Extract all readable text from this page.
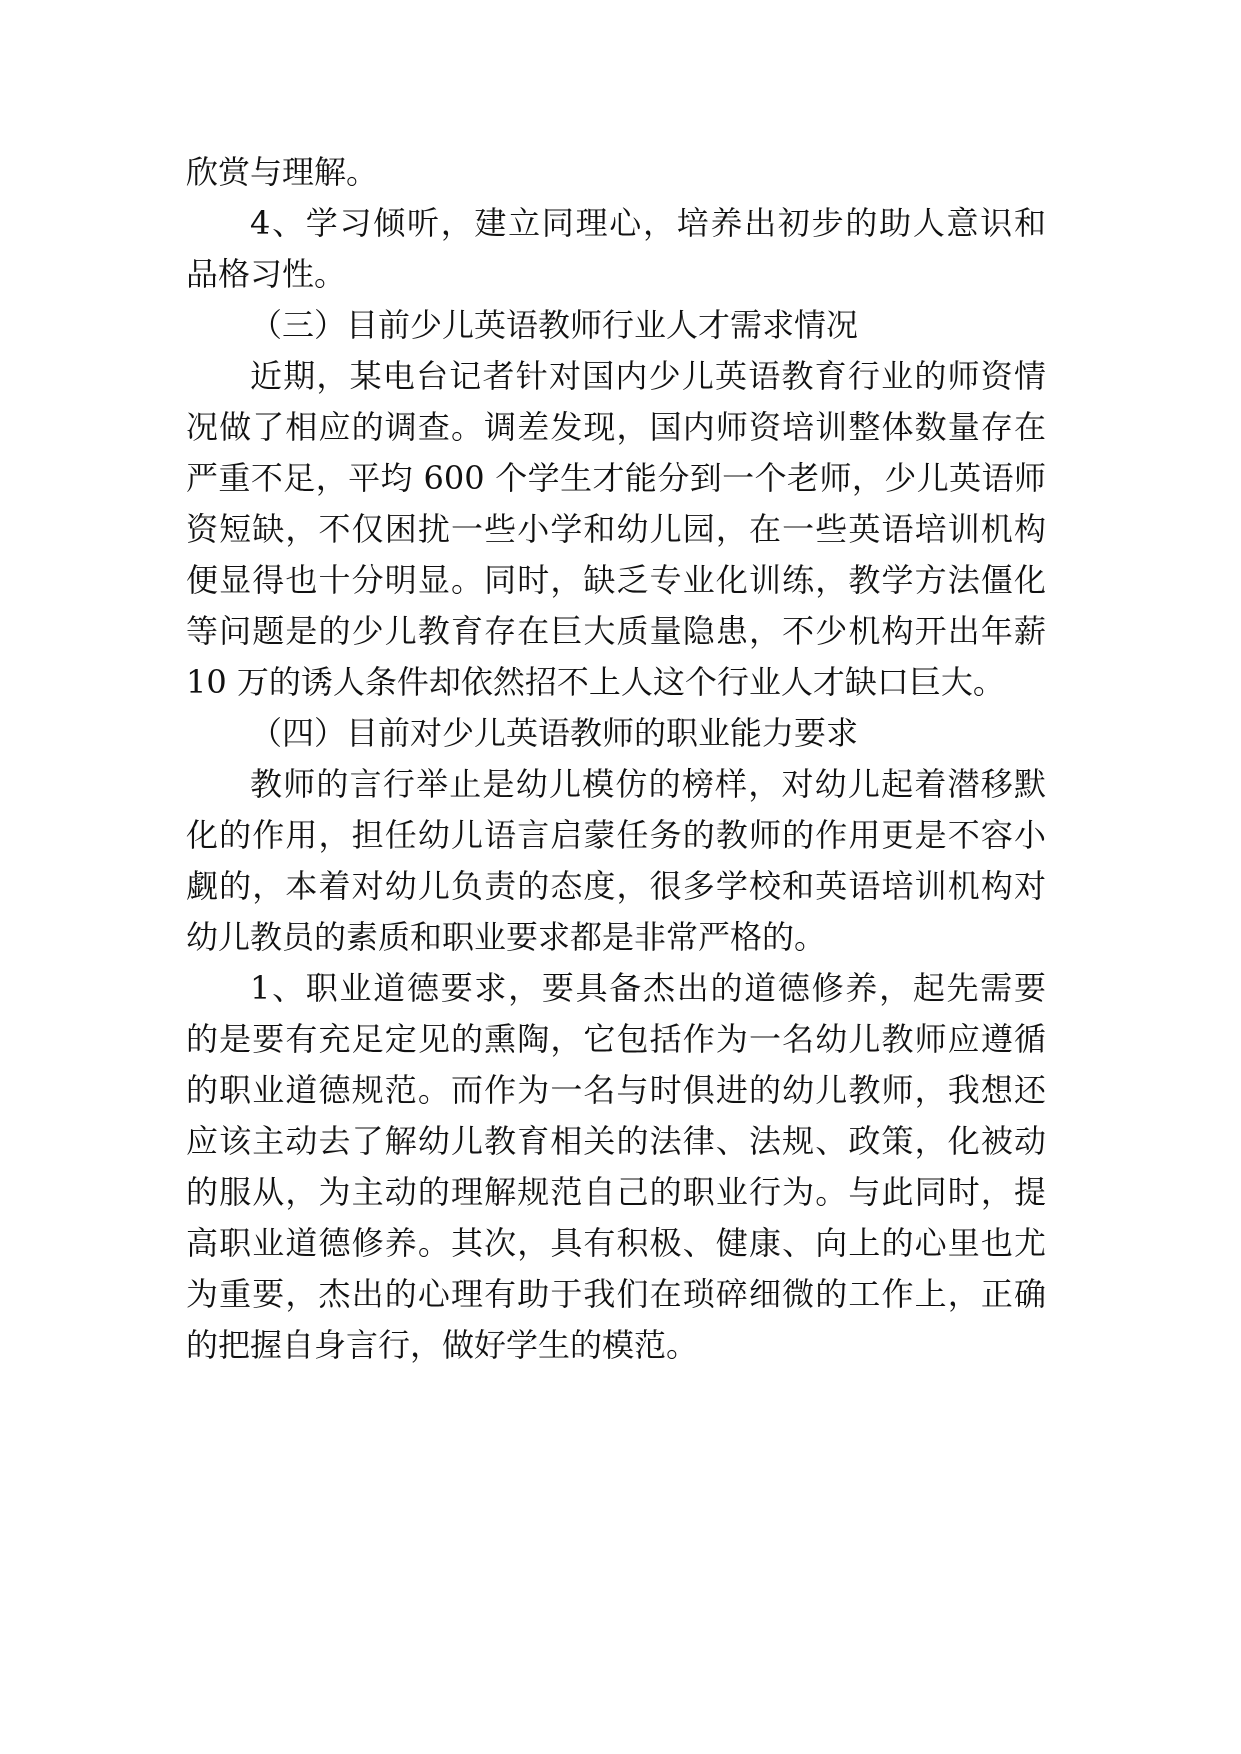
欣赏与理解。
4、学习倾听，建立同理心，培养出初步的助人意识和
品格习性。
（三）目前少儿英语教师行业人才需求情况
近期，某电台记者针对国内少儿英语教育行业的师资情
况做了相应的调查。调差发现，国内师资培训整体数量存在
严重不足，平均 600 个学生才能分到一个老师，少儿英语师
资短缺，不仅困扰一些小学和幼儿园，在一些英语培训机构
便显得也十分明显。同时，缺乏专业化训练，教学方法僵化
等问题是的少儿教育存在巨大质量隐患，不少机构开出年薪
10 万的诱人条件却依然招不上人这个行业人才缺口巨大。
（四）目前对少儿英语教师的职业能力要求
教师的言行举止是幼儿模仿的榜样，对幼儿起着潜移默
化的作用，担任幼儿语言启蒙任务的教师的作用更是不容小
觑的，本着对幼儿负责的态度，很多学校和英语培训机构对
幼儿教员的素质和职业要求都是非常严格的。
1、职业道德要求，要具备杰出的道德修养，起先需要
的是要有充足定见的熏陶，它包括作为一名幼儿教师应遵循
的职业道德规范。而作为一名与时俱进的幼儿教师，我想还
应该主动去了解幼儿教育相关的法律、法规、政策，化被动
的服从，为主动的理解规范自己的职业行为。与此同时，提
高职业道德修养。其次，具有积极、健康、向上的心里也尤
为重要，杰出的心理有助于我们在琐碎细微的工作上，正确
的把握自身言行，做好学生的模范。
